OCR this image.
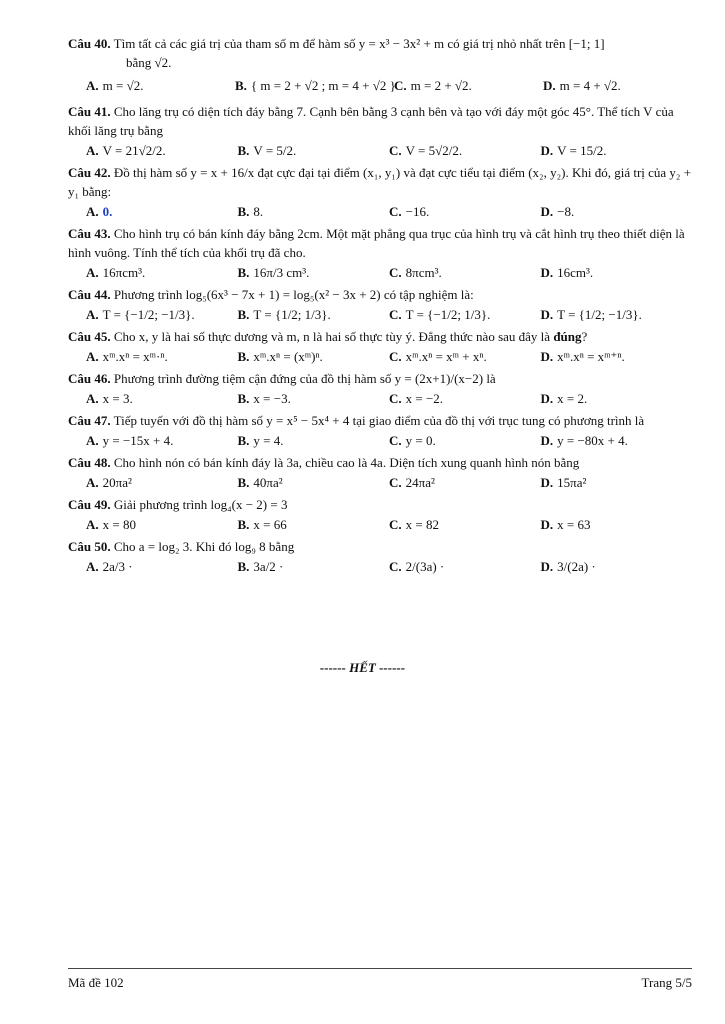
Câu 40. Tìm tất cả các giá trị của tham số m để hàm số y = x³ − 3x² + m có giá trị nhỏ nhất trên [−1; 1]

bằng √2.

A. m = √2.	B. { m = 2 + √2 ; m = 4 + √2 }
C. m = 2 + √2.	D. m = 4 + √2.

Câu 41. Cho lăng trụ có diện tích đáy bằng 7. Cạnh bên bằng 3 cạnh bên và tạo với đáy một góc 45°. Thể tích V của khối lăng trụ bằng

A. V = 21√2/2.	B. V = 5/2.	C. V = 5√2/2.	D. V = 15/2.

Câu 42. Đồ thị hàm số y = x + 16/x đạt cực đại tại điểm (x₁, y₁) và đạt cực tiểu tại điểm (x₂, y₂). Khi đó, giá trị của y₂ + y₁ bằng:

A. 0.	B. 8.	C. −16.	D. −8.

Câu 43. Cho hình trụ có bán kính đáy bằng 2cm. Một mặt phẳng qua trục của hình trụ và cắt hình trụ theo thiết diện là hình vuông. Tính thể tích của khối trụ đã cho.

A. 16πcm³.	B. 16π/3 cm³.	C. 8πcm³.	D. 16cm³.

Câu 44. Phương trình log₅(6x³ − 7x + 1) = log₅(x² − 3x + 2) có tập nghiệm là:

A. T = {−1/2; −1/3}.	B. T = {1/2; 1/3}.	C. T = {−1/2; 1/3}.	D. T = {1/2; −1/3}.

Câu 45. Cho x, y là hai số thực dương và m, n là hai số thực tùy ý. Đẳng thức nào sau đây là đúng?

A. xᵐ.xⁿ = xᵐ·ⁿ.	B. xᵐ.xⁿ = (xᵐ)ⁿ.	C. xᵐ.xⁿ = xᵐ + xⁿ.	D. xᵐ.xⁿ = xᵐ⁺ⁿ.

Câu 46. Phương trình đường tiệm cận đứng của đồ thị hàm số y = (2x+1)/(x−2) là

A. x = 3.	B. x = −3.	C. x = −2.	D. x = 2.

Câu 47. Tiếp tuyến với đồ thị hàm số y = x⁵ − 5x⁴ + 4 tại giao điểm của đồ thị với trục tung có phương trình là

A. y = −15x + 4.	B. y = 4.	C. y = 0.	D. y = −80x + 4.

Câu 48. Cho hình nón có bán kính đáy là 3a, chiều cao là 4a. Diện tích xung quanh hình nón bằng

A. 20πa²	B. 40πa²	C. 24πa²	D. 15πa²

Câu 49. Giải phương trình log₄(x − 2) = 3

A. x = 80	B. x = 66	C. x = 82	D. x = 63

Câu 50. Cho a = log₂ 3. Khi đó log₉ 8 bằng

A. 2a/3 ·	B. 3a/2 ·	C. 2/(3a) ·	D. 3/(2a) ·
------ HẾT ------
Mã đề 102	Trang 5/5
